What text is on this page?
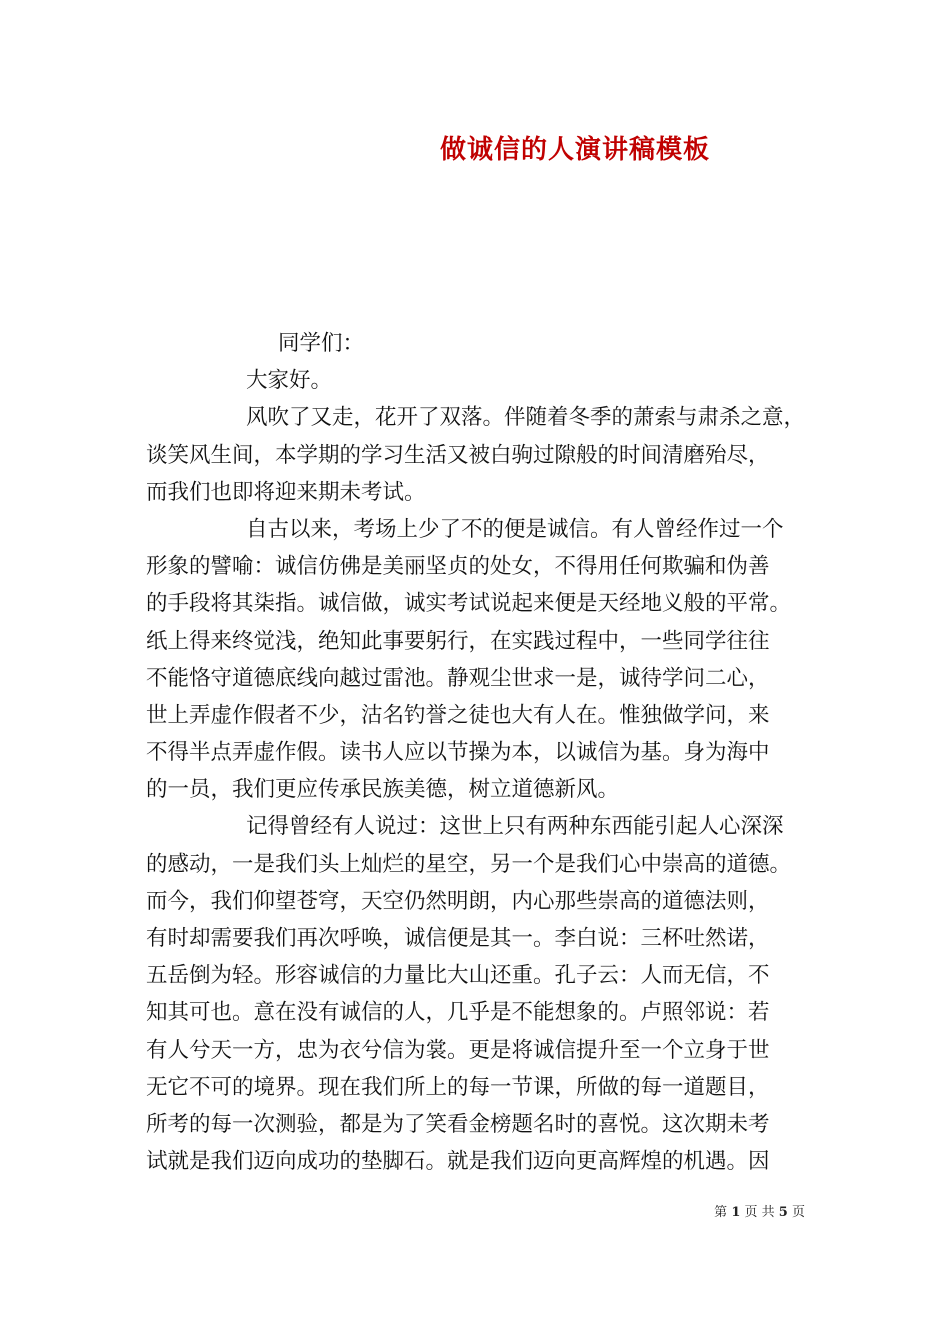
做诚信的人演讲稿模板
同学们：
大家好。
风吹了又走，花开了双落。伴随着冬季的萧索与肃杀之意，
谈笑风生间，本学期的学习生活又被白驹过隙般的时间清磨殆尽，
而我们也即将迎来期未考试。
自古以来，考场上少了不的便是诚信。有人曾经作过一个
形象的譬喻：诚信仿佛是美丽坚贞的处女，不得用任何欺骗和伪善
的手段将其柒指。诚信做，诚实考试说起来便是天经地义般的平常。
纸上得来终觉浅，绝知此事要躬行，在实践过程中，一些同学往往
不能恪守道德底线向越过雷池。静观尘世求一是，诚待学问二心，
世上弄虚作假者不少，沽名钓誉之徒也大有人在。惟独做学问，来
不得半点弄虚作假。读书人应以节操为本，以诚信为基。身为海中
的一员，我们更应传承民族美德，树立道德新风。
记得曾经有人说过：这世上只有两种东西能引起人心深深
的感动，一是我们头上灿烂的星空，另一个是我们心中崇高的道德。
而今，我们仰望苍穹，天空仍然明朗，内心那些崇高的道德法则，
有时却需要我们再次呼唤，诚信便是其一。李白说：三杯吐然诺，
五岳倒为轻。形容诚信的力量比大山还重。孔子云：人而无信，不
知其可也。意在没有诚信的人，几乎是不能想象的。卢照邻说：若
有人兮天一方，忠为衣兮信为裳。更是将诚信提升至一个立身于世
无它不可的境界。现在我们所上的每一节课，所做的每一道题目，
所考的每一次测验，都是为了笑看金榜题名时的喜悦。这次期未考
试就是我们迈向成功的垫脚石。就是我们迈向更高辉煌的机遇。因
第 1 页 共 5 页
